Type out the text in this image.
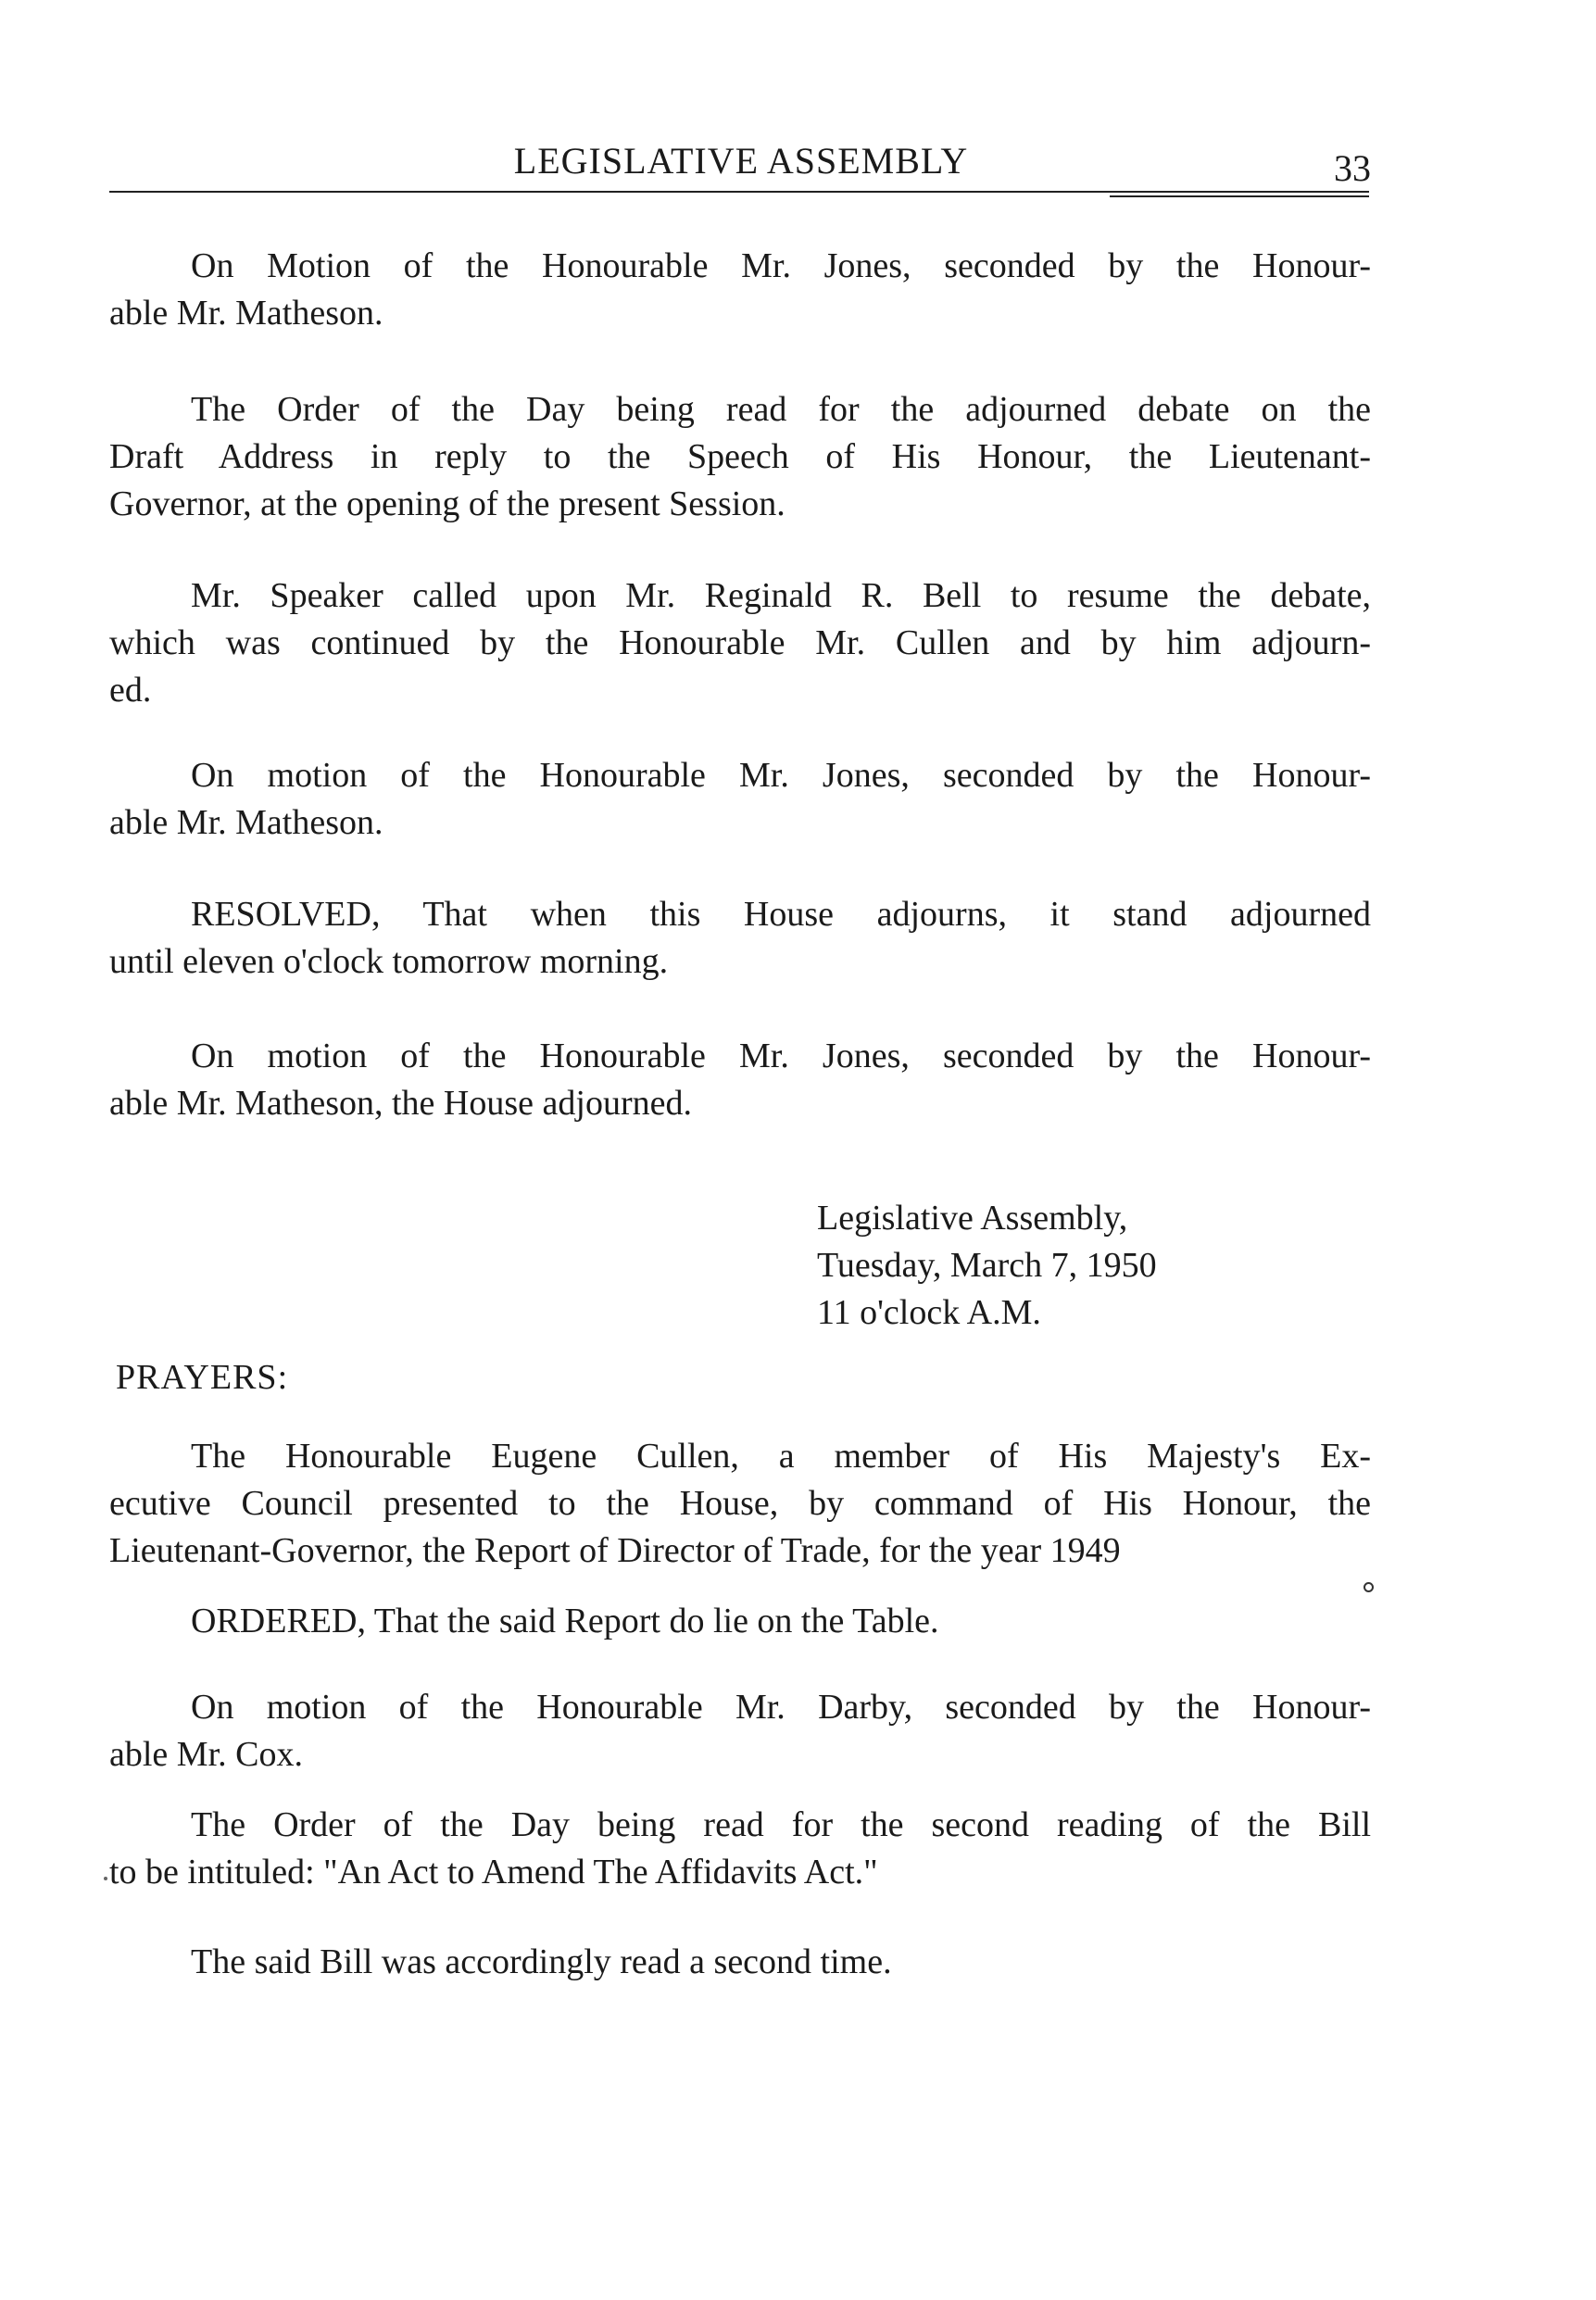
LEGISLATIVE ASSEMBLY	33
On Motion of the Honourable Mr. Jones, seconded by the Honour-
able Mr. Matheson.
The Order of the Day being read for the adjourned debate on the
Draft Address in reply to the Speech of His Honour, the Lieutenant-
Governor, at the opening of the present Session.
Mr. Speaker called upon Mr. Reginald R. Bell to resume the debate,
which was continued by the Honourable Mr. Cullen and by him adjourn-
ed.
On motion of the Honourable Mr. Jones, seconded by the Honour-
able Mr. Matheson.
RESOLVED, That when this House adjourns, it stand adjourned
until eleven o'clock tomorrow morning.
On motion of the Honourable Mr. Jones, seconded by the Honour-
able Mr. Matheson, the House adjourned.
Legislative Assembly,
Tuesday, March 7, 1950
11 o'clock A.M.
PRAYERS:
The Honourable Eugene Cullen, a member of His Majesty's Ex-
ecutive Council presented to the House, by command of His Honour, the
Lieutenant-Governor, the Report of Director of Trade, for the year 1949
ORDERED, That the said Report do lie on the Table.
On motion of the Honourable Mr. Darby, seconded by the Honour-
able Mr. Cox.
The Order of the Day being read for the second reading of the Bill
to be intituled: "An Act to Amend The Affidavits Act."
The said Bill was accordingly read a second time.
